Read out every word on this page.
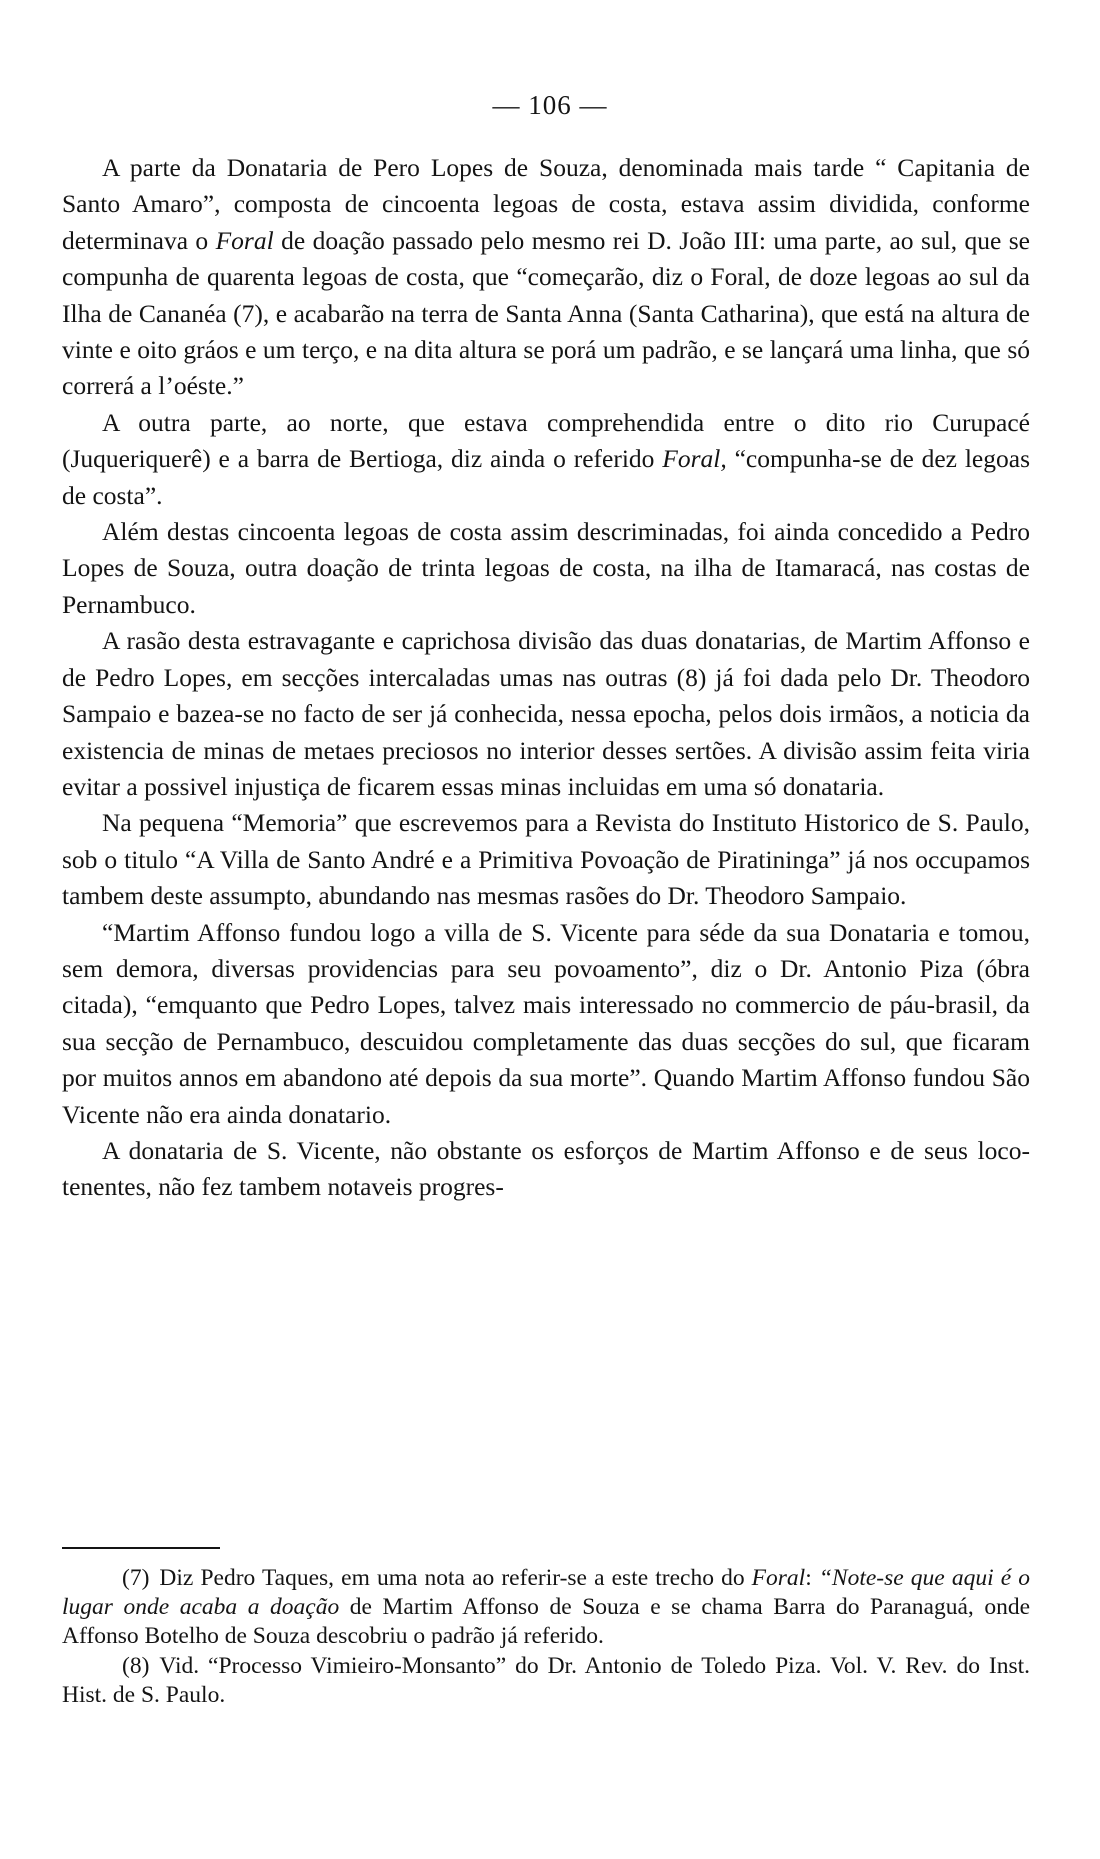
— 106 —

A parte da Donataria de Pero Lopes de Souza, denominada mais tarde “ Capitania de Santo Amaro”, composta de cincoenta legoas de costa, estava assim dividida, conforme determinava o Foral de doação passado pelo mesmo rei D. João III: uma parte, ao sul, que se compunha de quarenta legoas de costa, que “começarão, diz o Foral, de doze legoas ao sul da Ilha de Cananéa (7), e acabarão na terra de Santa Anna (Santa Catharina), que está na altura de vinte e oito gráos e um terço, e na dita altura se porá um padrão, e se lançará uma linha, que só correrá a l’oéste.”

A outra parte, ao norte, que estava comprehendida entre o dito rio Curupacé (Juqueriquerê) e a barra de Bertioga, diz ainda o referido Foral, “compunha-se de dez legoas de costa”.

Além destas cincoenta legoas de costa assim descriminadas, foi ainda concedido a Pedro Lopes de Souza, outra doação de trinta legoas de costa, na ilha de Itamaracá, nas costas de Pernambuco.

A rasão desta estravagante e caprichosa divisão das duas donatarias, de Martim Affonso e de Pedro Lopes, em secções intercaladas umas nas outras (8) já foi dada pelo Dr. Theodoro Sampaio e bazea-se no facto de ser já conhecida, nessa epocha, pelos dois irmãos, a noticia da existencia de minas de metaes preciosos no interior desses sertões. A divisão assim feita viria evitar a possivel injustiça de ficarem essas minas incluidas em uma só donataria.

Na pequena “Memoria” que escrevemos para a Revista do Instituto Historico de S. Paulo, sob o titulo “A Villa de Santo André e a Primitiva Povoação de Piratininga” já nos occupamos tambem deste assumpto, abundando nas mesmas rasões do Dr. Theodoro Sampaio.

“Martim Affonso fundou logo a villa de S. Vicente para séde da sua Donataria e tomou, sem demora, diversas providencias para seu povoamento”, diz o Dr. Antonio Piza (óbra citada), “emquanto que Pedro Lopes, talvez mais interessado no commercio de páu-brasil, da sua secção de Pernambuco, descuidou completamente das duas secções do sul, que ficaram por muitos annos em abandono até depois da sua morte”. Quando Martim Affonso fundou São Vicente não era ainda donatario.

A donataria de S. Vicente, não obstante os esforços de Martim Affonso e de seus loco-tenentes, não fez tambem notaveis progres-

(7) Diz Pedro Taques, em uma nota ao referir-se a este trecho do Foral: “Note-se que aqui é o lugar onde acaba a doação de Martim Affonso de Souza e se chama Barra do Paranaguá, onde Affonso Botelho de Souza descobriu o padrão já referido.

(8) Vid. “Processo Vimieiro-Monsanto” do Dr. Antonio de Toledo Piza. Vol. V. Rev. do Inst. Hist. de S. Paulo.
